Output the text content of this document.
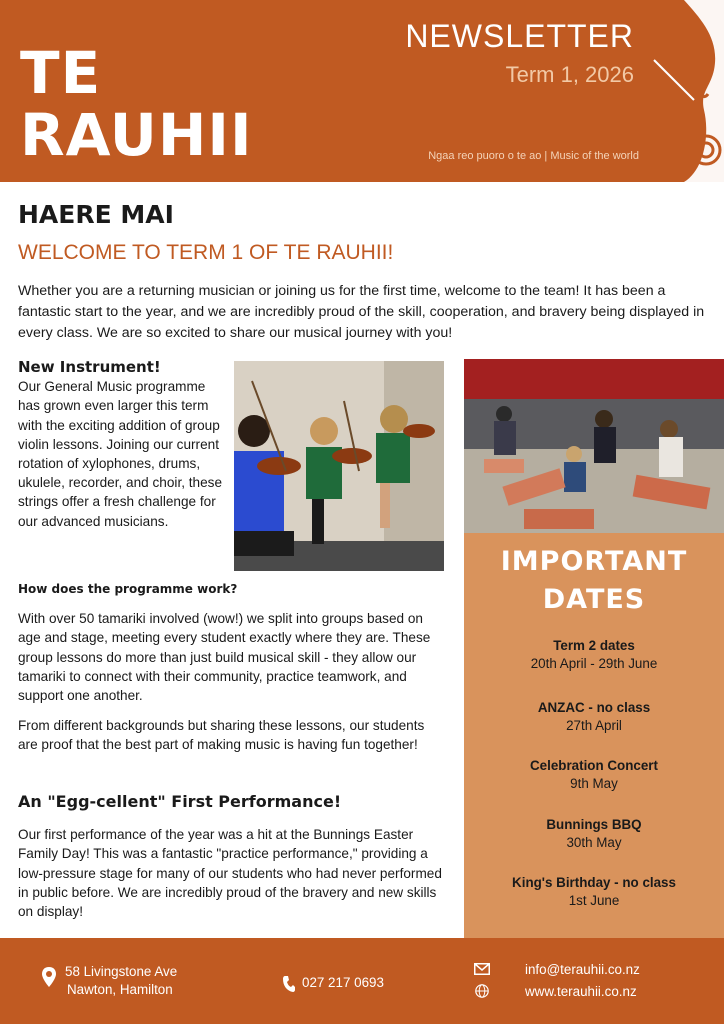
TE
RAUHII
NEWSLETTER
Term 1, 2026
Ngaa reo puoro o te ao | Music of the world
HAERE MAI
WELCOME TO TERM 1 OF TE RAUHII!

Whether you are a returning musician or joining us for the first time, welcome to the team! It has been a fantastic start to the year, and we are incredibly proud of the skill, cooperation, and bravery being displayed in every class. We are so excited to share our musical journey with you!

New Instrument!

Our General Music programme has grown even larger this term with the exciting addition of group violin lessons. Joining our current rotation of xylophones, drums, ukulele, recorder, and choir, these strings offer a fresh challenge for our advanced musicians.

How does the programme work?

With over 50 tamariki involved (wow!) we split into groups based on age and stage, meeting every student exactly where they are. These group lessons do more than just build musical skill - they allow our tamariki to connect with their community, practice teamwork, and support one another.

From different backgrounds but sharing these lessons, our students are proof that the best part of making music is having fun together!

An "Egg-cellent" First Performance!

Our first performance of the year was a hit at the Bunnings Easter Family Day! This was a fantastic "practice performance," providing a low-pressure stage for many of our students who had never performed in public before. We are incredibly proud of the bravery and new skills on display!

IMPORTANT
DATES
Term 2 dates
20th April - 29th June
ANZAC - no class
27th April
Celebration Concert
9th May
Bunnings BBQ
30th May
King's Birthday - no class
1st June
58 Livingstone Ave
Nawton, Hamilton	027 217 0693
info@terauhii.co.nz
www.terauhii.co.nz
